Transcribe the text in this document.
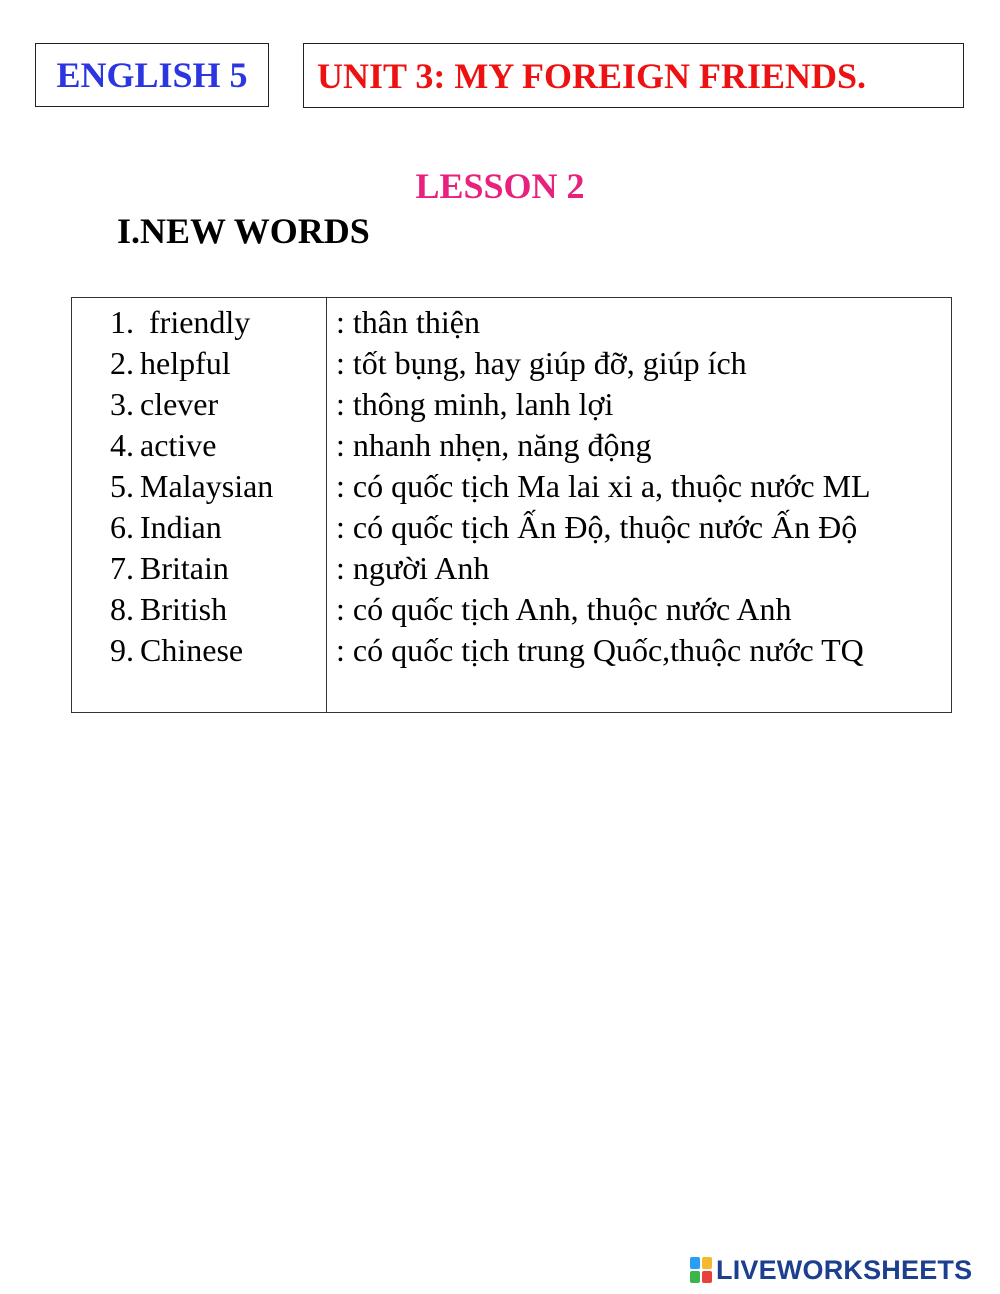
ENGLISH 5 UNIT 3: MY FOREIGN FRIENDS.
LESSON 2
I.NEW WORDS
1. friendly	: thân thiện
2. helpful	: tốt bụng, hay giúp đỡ, giúp ích
3. clever	: thông minh, lanh lợi
4. active	: nhanh nhẹn, năng động
5. Malaysian : có quốc tịch Ma lai xi a, thuộc nước ML
6. Indian	: có quốc tịch Ấn Độ, thuộc nước Ấn Độ
7. Britain	: người Anh
8. British	: có quốc tịch Anh, thuộc nước Anh
9. Chinese	: có quốc tịch trung Quốc,thuộc nước TQ
LIVEWORKSHEETS
